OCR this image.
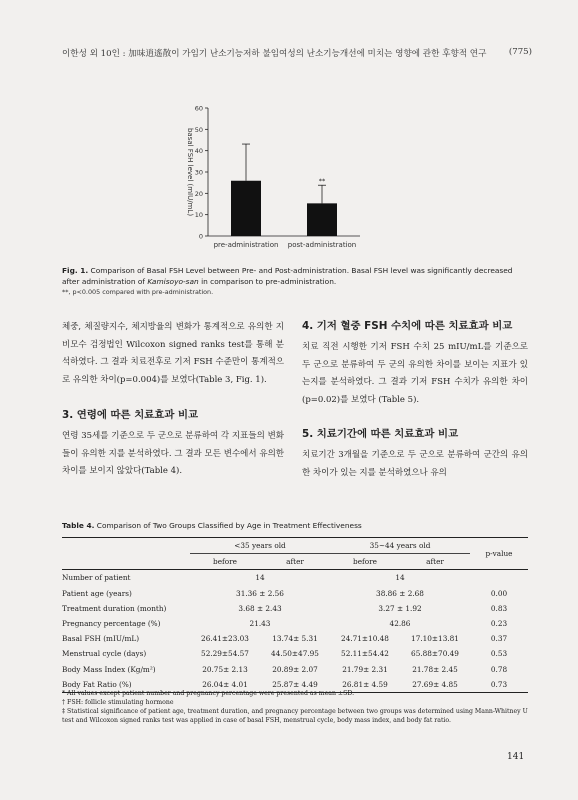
이한성 외 10인 : 加味逍遙散이 가임기 난소기능저하 불임여성의 난소기능개선에 미치는 영향에 관한 후향적 연구	(775)
0
10
20
30
40
50
60
basal FSH level (mIU/mL)
pre-administration
**
post-administration
Fig. 1. Comparison of Basal FSH Level between Pre- and Post-administration. Basal FSH level was significantly decreased after administration of Kamisoyo-san in comparison to pre-administration.
**, p<0.005 compared with pre-administration.

체중, 체질량지수, 체지방율의 변화가 통계적으로 유의한 지 비모수 검정법인 Wilcoxon signed ranks test를 통해 분석하였다. 그 결과 치료전후로 기저 FSH 수준만이 통계적으로 유의한 차이(p=0.004)를 보였다(Table 3, Fig. 1).

3. 연령에 따른 치료효과 비교

연령 35세를 기준으로 두 군으로 분류하여 각 지표들의 변화들이 유의한 지를 분석하였다. 그 결과 모든 변수에서 유의한 차이를 보이지 않았다(Table 4).

4. 기저 혈중 FSH 수치에 따른 치료효과 비교

치료 직전 시행한 기저 FSH 수치 25 mIU/mL를 기준으로 두 군으로 분류하여 두 군의 유의한 차이를 보이는 지표가 있는지를 분석하였다. 그 결과 기저 FSH 수치가 유의한 차이(p=0.02)를 보였다 (Table 5).

5. 치료기간에 따른 치료효과 비교

치료기간 3개월을 기준으로 두 군으로 분류하여 군간의 유의한 차이가 있는 지를 분석하였으나 유의

Table 4. Comparison of Two Groups Classified by Age in Treatment Effectiveness
	<35 years old		35~44 years old		p-value
	before	after	before	after	
Number of patient	14		14		
Patient age (years)	31.36 ± 2.56		38.86 ± 2.68		0.00
Treatment duration (month)	3.68 ± 2.43		3.27 ± 1.92		0.83
Pregnancy percentage (%)	21.43		42.86		0.23
Basal FSH (mIU/mL)	26.41±23.03	13.74± 5.31	24.71±10.48	17.10±13.81	0.37
Menstrual cycle (days)	52.29±54.57	44.50±47.95	52.11±54.42	65.88±70.49	0.53
Body Mass Index (Kg/m²)	20.75± 2.13	20.89± 2.07	21.79± 2.31	21.78± 2.45	0.78
Body Fat Ratio (%)	26.04± 4.01	25.87± 4.49	26.81± 4.59	27.69± 4.85	0.73

* All values except patient number and pregnancy percentage were presented as mean ±SD.

† FSH: follicle stimulating hormone

‡ Statistical significance of patient age, treatment duration, and pregnancy percentage between two groups was determined using Mann-Whitney U test and Wilcoxon signed ranks test was applied in case of basal FSH, menstrual cycle, body mass index, and body fat ratio.

141
